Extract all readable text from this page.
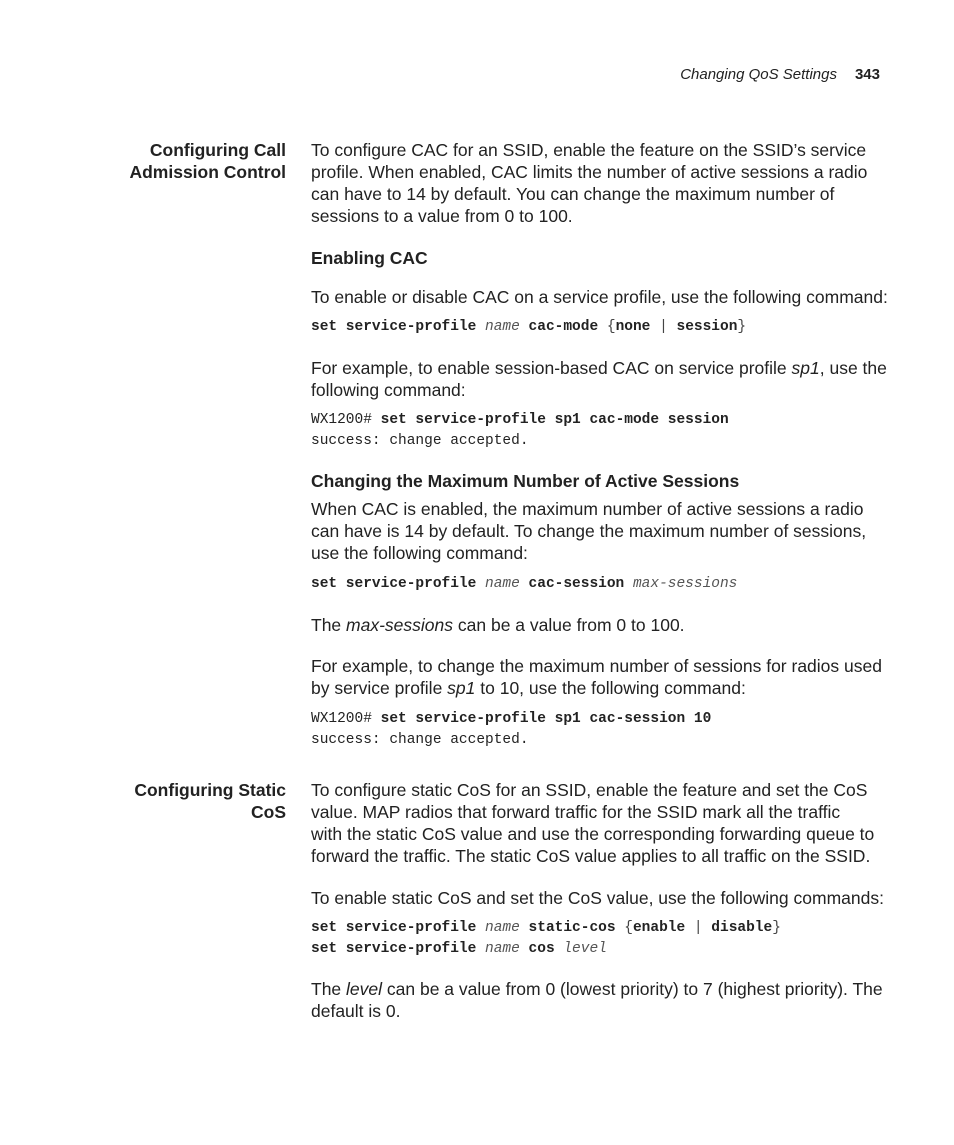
Changing QoS Settings 343
Configuring Call
Admission Control
To configure CAC for an SSID, enable the feature on the SSID’s service
profile. When enabled, CAC limits the number of active sessions a radio
can have to 14 by default. You can change the maximum number of
sessions to a value from 0 to 100.
Enabling CAC
To enable or disable CAC on a service profile, use the following command:
set service-profile name cac-mode {none | session}
For example, to enable session-based CAC on service profile sp1, use the
following command:
WX1200# set service-profile sp1 cac-mode session
success: change accepted.
Changing the Maximum Number of Active Sessions
When CAC is enabled, the maximum number of active sessions a radio
can have is 14 by default. To change the maximum number of sessions,
use the following command:
set service-profile name cac-session max-sessions
The max-sessions can be a value from 0 to 100.
For example, to change the maximum number of sessions for radios used
by service profile sp1 to 10, use the following command:
WX1200# set service-profile sp1 cac-session 10
success: change accepted.
Configuring Static
CoS
To configure static CoS for an SSID, enable the feature and set the CoS
value. MAP radios that forward traffic for the SSID mark all the traffic
with the static CoS value and use the corresponding forwarding queue to
forward the traffic. The static CoS value applies to all traffic on the SSID.
To enable static CoS and set the CoS value, use the following commands:
set service-profile name static-cos {enable | disable}
set service-profile name cos level
The level can be a value from 0 (lowest priority) to 7 (highest priority). The
default is 0.
